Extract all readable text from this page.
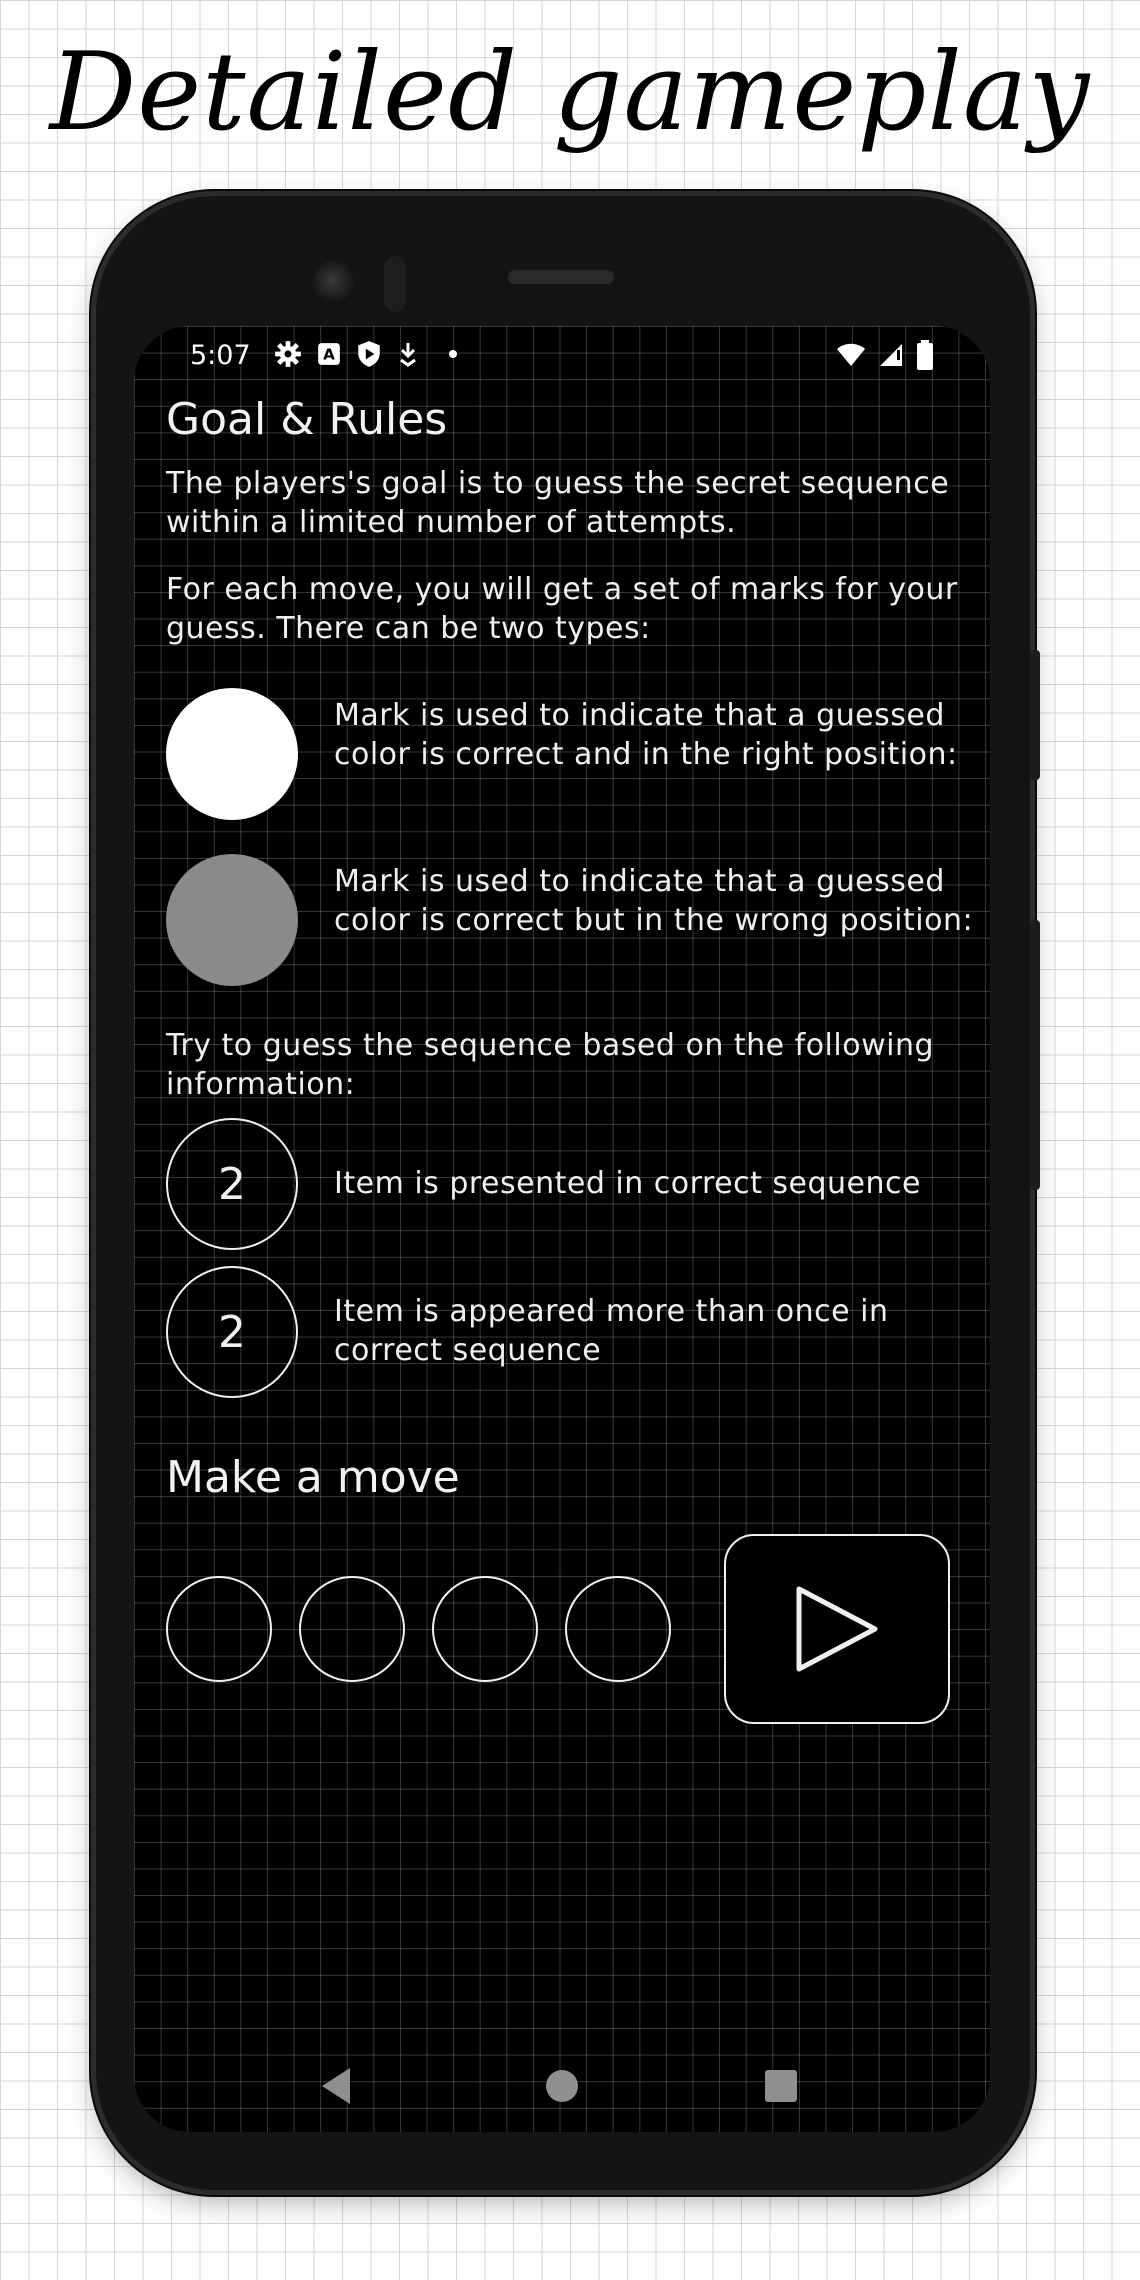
Detailed gameplay
5:07	A
Goal & Rules
The players's goal is to guess the secret sequence within a limited number of attempts.
For each move, you will get a set of marks for your guess. There can be two types:
Mark is used to indicate that a guessed color is correct and in the right position:
Mark is used to indicate that a guessed color is correct but in the wrong position:
Try to guess the sequence based on the following information:
2	Item is presented in correct sequence
2	Item is appeared more than once in correct sequence
Make a move
